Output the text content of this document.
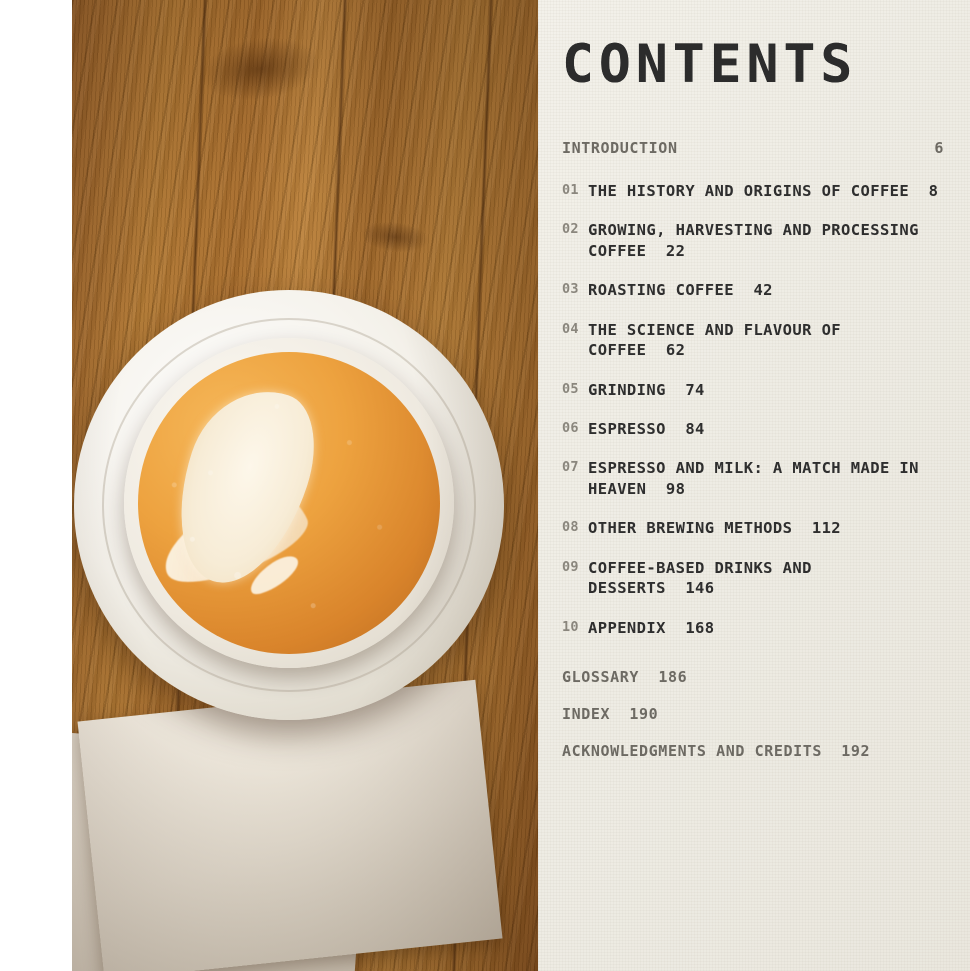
CONTENTS
INTRODUCTION	6
01 THE HISTORY AND ORIGINS OF COFFEE 8
02 GROWING, HARVESTING AND PROCESSING COFFEE 22
03 ROASTING COFFEE 42
04 THE SCIENCE AND FLAVOUR OF COFFEE 62
05 GRINDING 74
06 ESPRESSO 84
07 ESPRESSO AND MILK: A MATCH MADE IN HEAVEN 98
08 OTHER BREWING METHODS 112
09 COFFEE-BASED DRINKS AND DESSERTS 146
10 APPENDIX 168
GLOSSARY 186
INDEX 190
ACKNOWLEDGMENTS AND CREDITS 192
